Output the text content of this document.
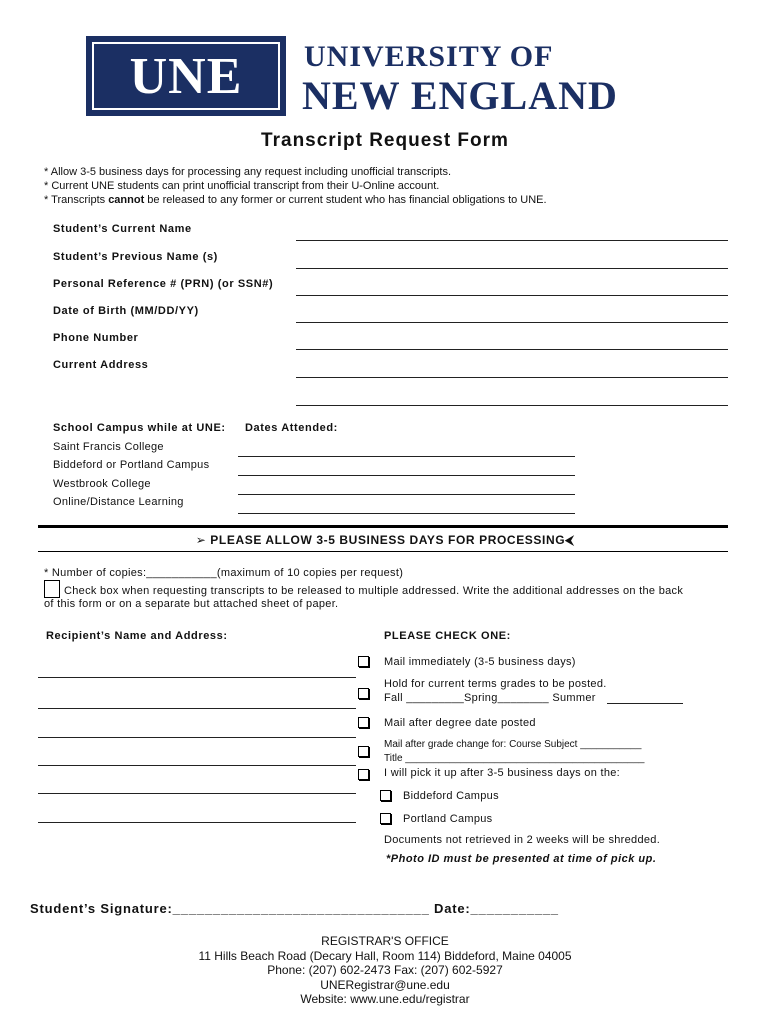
UNE	UNIVERSITY OF
NEW ENGLAND
Transcript Request Form
* Allow 3-5 business days for processing any request including unofficial transcripts.
* Current UNE students can print unofficial transcript from their U-Online account.
* Transcripts cannot be released to any former or current student who has financial obligations to UNE.
Student’s Current Name
Student’s Previous Name (s)
Personal Reference # (PRN) (or SSN#)
Date of Birth (MM/DD/YY)
Phone Number
Current Address
School Campus while at UNE: Dates Attended:
Saint Francis College
Biddeford or Portland Campus
Westbrook College
Online/Distance Learning
➢ PLEASE ALLOW 3-5 BUSINESS DAYS FOR PROCESSING⮜
* Number of copies:___________(maximum of 10 copies per request)
Check box when requesting transcripts to be released to multiple addressed. Write the additional addresses on the back
of this form or on a separate but attached sheet of paper.
Recipient’s Name and Address:	PLEASE CHECK ONE:
Mail immediately (3-5 business days)
Hold for current terms grades to be posted.
Fall _________Spring________ Summer
Mail after degree date posted
Mail after grade change for: Course Subject ___________
Title ___________________________________________
I will pick it up after 3-5 business days on the:
Biddeford Campus
Portland Campus
Documents not retrieved in 2 weeks will be shredded.
*Photo ID must be presented at time of pick up.
Student’s Signature:________________________________ Date:___________
REGISTRAR'S OFFICE
11 Hills Beach Road (Decary Hall, Room 114) Biddeford, Maine 04005
Phone: (207) 602-2473 Fax: (207) 602-5927
UNERegistrar@une.edu
Website: www.une.edu/registrar
